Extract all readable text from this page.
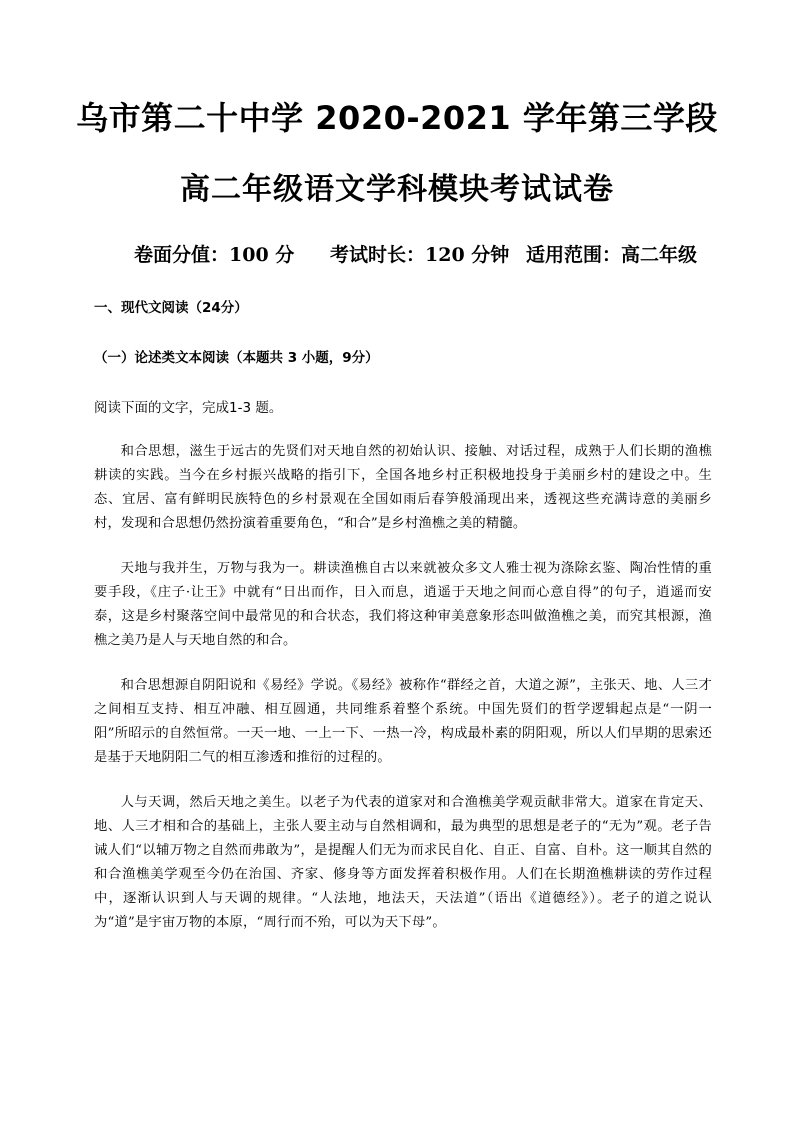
乌市第二十中学 2020-2021 学年第三学段
高二年级语文学科模块考试试卷
卷面分值：100 分 考试时长：120 分钟 适用范围：高二年级
一、现代文阅读（24分）
（一）论述类文本阅读（本题共 3 小题，9分）
阅读下面的文字，完成1-3 题。

和合思想，滋生于远古的先贤们对天地自然的初始认识、接触、对话过程，成熟于人们长期的渔樵耕读的实践。当今在乡村振兴战略的指引下，全国各地乡村正积极地投身于美丽乡村的建设之中。生态、宜居、富有鲜明民族特色的乡村景观在全国如雨后春笋般涌现出来，透视这些充满诗意的美丽乡村，发现和合思想仍然扮演着重要角色，“和合”是乡村渔樵之美的精髓。

天地与我并生，万物与我为一。耕读渔樵自古以来就被众多文人雅士视为涤除玄鉴、陶冶性情的重要手段，《庄子·让王》中就有“日出而作，日入而息，逍遥于天地之间而心意自得”的句子，逍遥而安泰，这是乡村聚落空间中最常见的和合状态，我们将这种审美意象形态叫做渔樵之美，而究其根源，渔樵之美乃是人与天地自然的和合。

和合思想源自阴阳说和《易经》学说。《易经》被称作“群经之首，大道之源”，主张天、地、人三才之间相互支持、相互冲融、相互圆通，共同维系着整个系统。中国先贤们的哲学逻辑起点是“一阴一阳”所昭示的自然恒常。一天一地、一上一下、一热一冷，构成最朴素的阴阳观，所以人们早期的思索还是基于天地阴阳二气的相互渗透和推衍的过程的。

人与天调，然后天地之美生。以老子为代表的道家对和合渔樵美学观贡献非常大。道家在肯定天、地、人三才相和合的基础上，主张人要主动与自然相调和，最为典型的思想是老子的“无为”观。老子告诫人们“以辅万物之自然而弗敢为”，是提醒人们无为而求民自化、自正、自富、自朴。这一顺其自然的和合渔樵美学观至今仍在治国、齐家、修身等方面发挥着积极作用。人们在长期渔樵耕读的劳作过程中，逐渐认识到人与天调的规律。“人法地，地法天，天法道”（语出《道德经》）。老子的道之说认为“道”是宇宙万物的本原，“周行而不殆，可以为天下母”。
